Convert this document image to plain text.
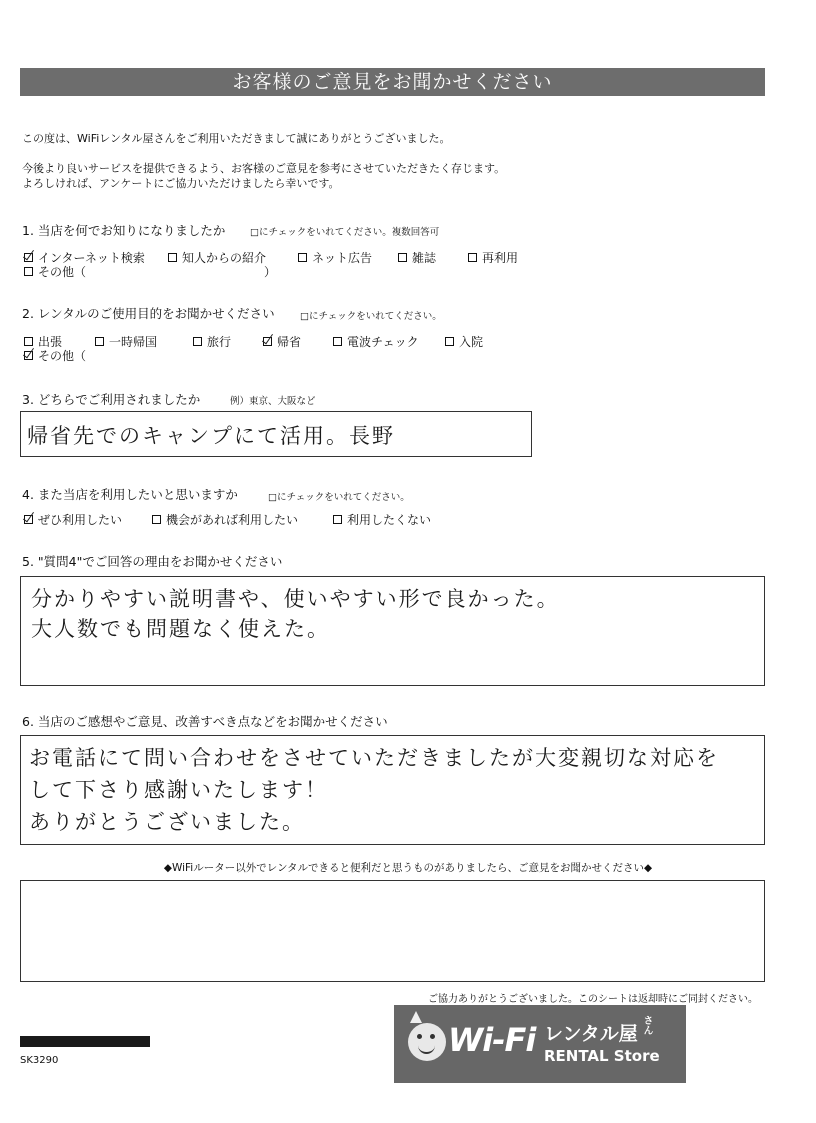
お客様のご意見をお聞かせください
この度は、WiFiレンタル屋さんをご利用いただきまして誠にありがとうございました。
今後より良いサービスを提供できるよう、お客様のご意見を参考にさせていただきたく存じます。
よろしければ、アンケートにご協力いただけましたら幸いです。
1. 当店を何でお知りになりましたか	□にチェックをいれてください。複数回答可
インターネット検索	知人からの紹介	ネット広告	雑誌	再利用
その他（	）
2. レンタルのご使用目的をお聞かせください	□にチェックをいれてください。
出張	一時帰国	旅行	帰省	電波チェック	入院
その他（
3. どちらでご利用されましたか	例）東京、大阪など
帰省先でのキャンプにて活用。長野
4. また当店を利用したいと思いますか	□にチェックをいれてください。
ぜひ利用したい	機会があれば利用したい	利用したくない
5. "質問4"でご回答の理由をお聞かせください
分かりやすい説明書や、使いやすい形で良かった。
大人数でも問題なく使えた。
6. 当店のご感想やご意見、改善すべき点などをお聞かせください
お電話にて問い合わせをさせていただきましたが大変親切な対応を
して下さり感謝いたします！
ありがとうございました。
◆WiFiルーター以外でレンタルできると便利だと思うものがありましたら、ご意見をお聞かせください◆
ご協力ありがとうございました。このシートは返却時にご同封ください。
SK3290
Wi-Fi レンタル屋 さん
RENTAL Store
